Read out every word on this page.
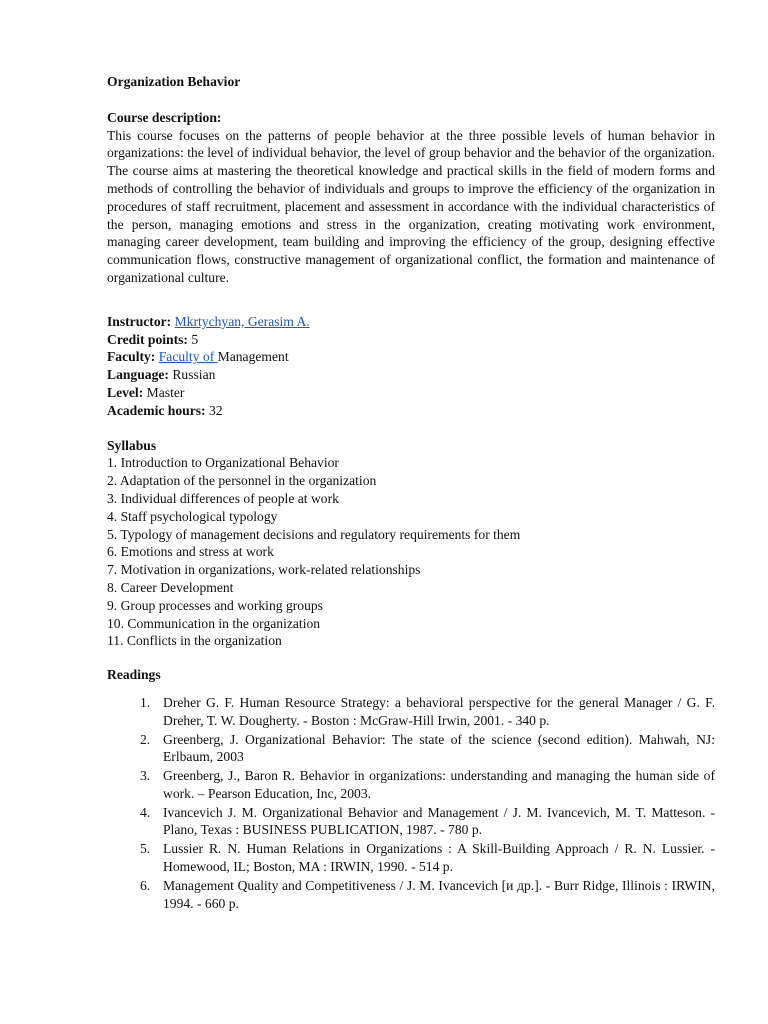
Organization Behavior

Course description:

This course focuses on the patterns of people behavior at the three possible levels of human behavior in organizations: the level of individual behavior, the level of group behavior and the behavior of the organization. The course aims at mastering the theoretical knowledge and practical skills in the field of modern forms and methods of controlling the behavior of individuals and groups to improve the efficiency of the organization in procedures of staff recruitment, placement and assessment in accordance with the individual characteristics of the person, managing emotions and stress in the organization, creating motivating work environment, managing career development, team building and improving the efficiency of the group, designing effective communication flows, constructive management of organizational conflict, the formation and maintenance of organizational culture.

Instructor: Mkrtychyan, Gerasim A.

Credit points: 5

Faculty: Faculty of Management

Language: Russian

Level: Master

Academic hours: 32

Syllabus

1. Introduction to Organizational Behavior
2. Adaptation of the personnel in the organization
3. Individual differences of people at work
4. Staff psychological typology
5. Typology of management decisions and regulatory requirements for them
6. Emotions and stress at work
7. Motivation in organizations, work-related relationships
8. Career Development
9. Group processes and working groups
10. Communication in the organization
11. Conflicts in the organization

Readings

1. Dreher G. F. Human Resource Strategy: a behavioral perspective for the general Manager / G. F. Dreher, T. W. Dougherty. - Boston : McGraw-Hill Irwin, 2001. - 340 p.
2. Greenberg, J. Organizational Behavior: The state of the science (second edition). Mahwah, NJ: Erlbaum, 2003
3. Greenberg, J., Baron R. Behavior in organizations: understanding and managing the human side of work. – Pearson Education, Inc, 2003.
4. Ivancevich J. M. Organizational Behavior and Management / J. M. Ivancevich, M. T. Matteson. - Plano, Texas : BUSINESS PUBLICATION, 1987. - 780 p.
5. Lussier R. N. Human Relations in Organizations : A Skill-Building Approach / R. N. Lussier. - Homewood, IL; Boston, MA : IRWIN, 1990. - 514 p.
6. Management Quality and Competitiveness / J. M. Ivancevich [и др.]. - Burr Ridge, Illinois : IRWIN, 1994. - 660 p.
